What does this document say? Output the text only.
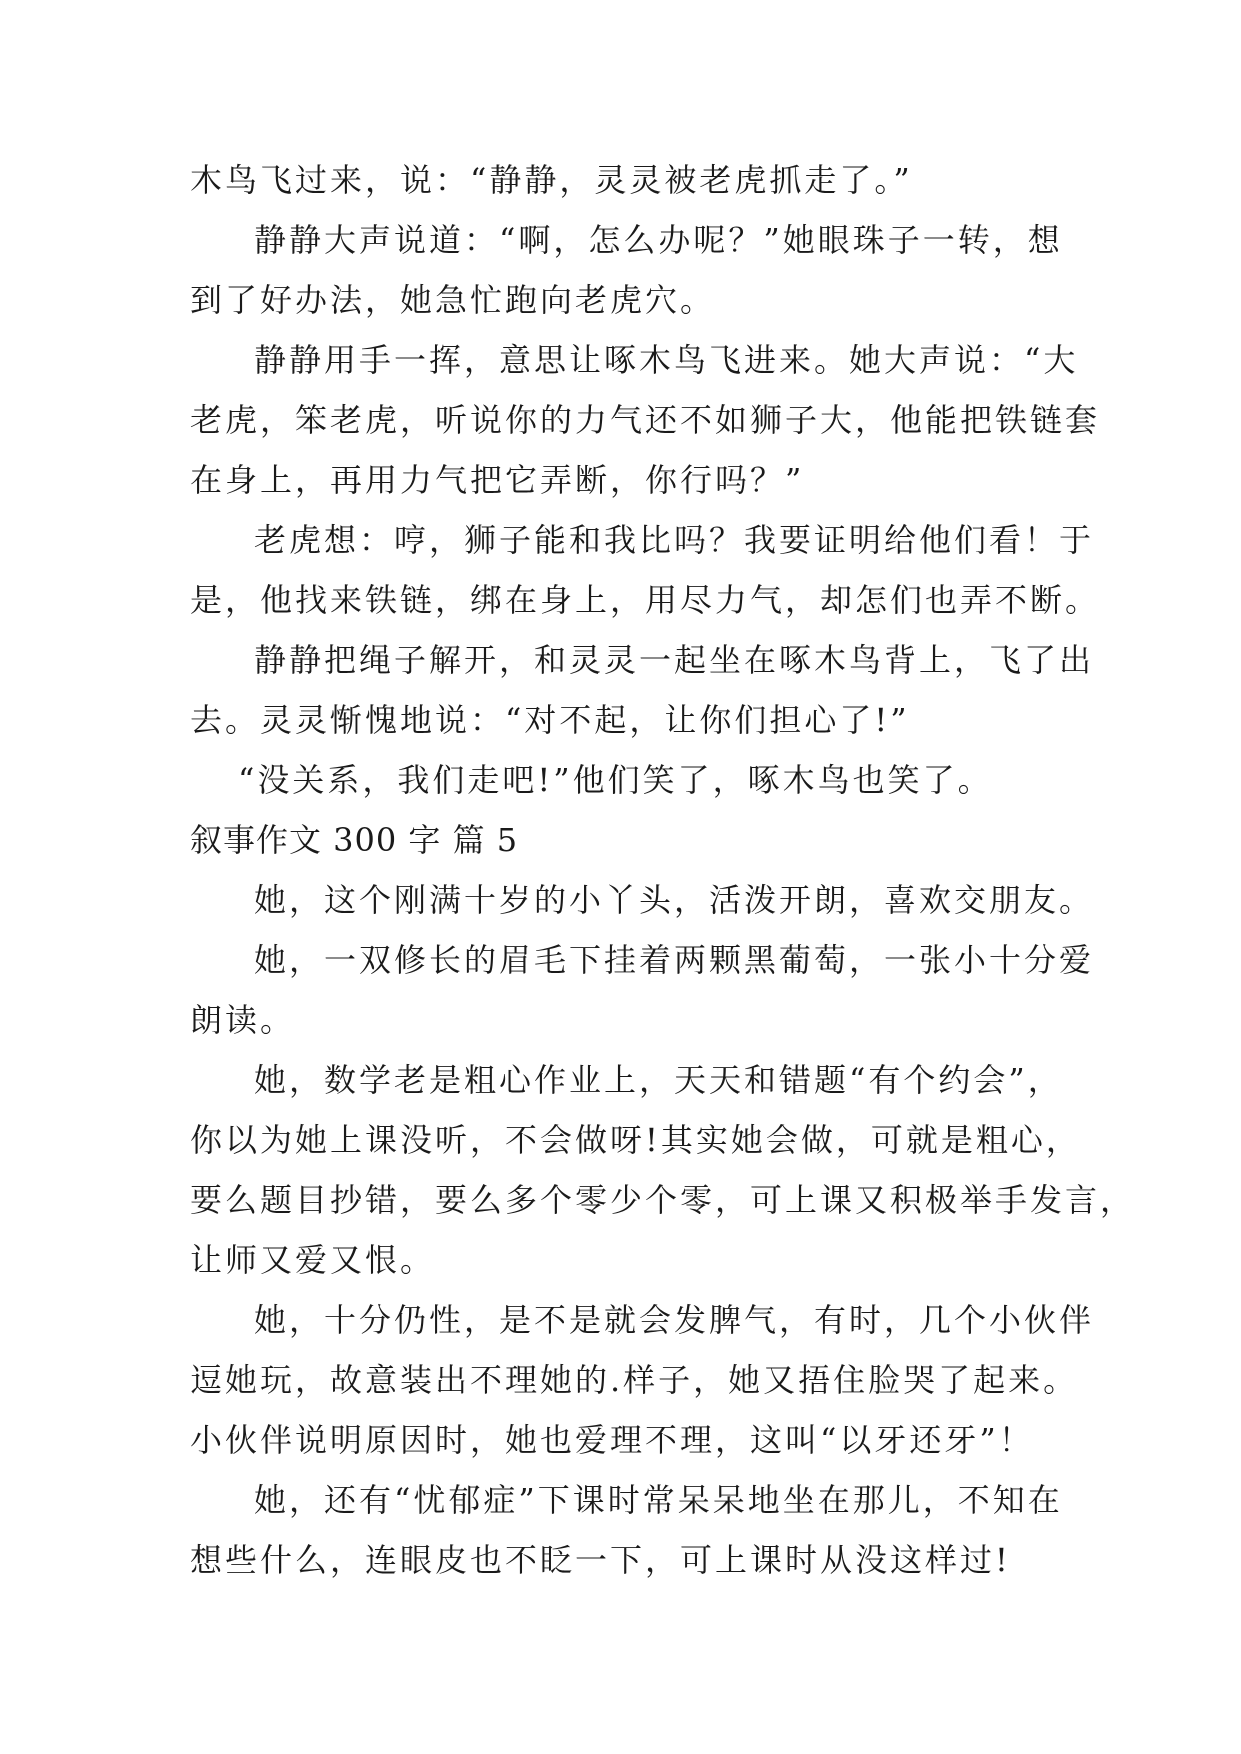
木鸟飞过来，说：“静静，灵灵被老虎抓走了。”

静静大声说道：“啊，怎么办呢？”她眼珠子一转，想

到了好办法，她急忙跑向老虎穴。

静静用手一挥，意思让啄木鸟飞进来。她大声说：“大

老虎，笨老虎，听说你的力气还不如狮子大，他能把铁链套

在身上，再用力气把它弄断，你行吗？”

老虎想：哼，狮子能和我比吗？我要证明给他们看！于

是，他找来铁链，绑在身上，用尽力气，却怎们也弄不断。

静静把绳子解开，和灵灵一起坐在啄木鸟背上，飞了出

去。灵灵惭愧地说：“对不起，让你们担心了!”

“没关系，我们走吧!”他们笑了，啄木鸟也笑了。

叙事作文 300 字 篇 5

她，这个刚满十岁的小丫头，活泼开朗，喜欢交朋友。

她，一双修长的眉毛下挂着两颗黑葡萄，一张小十分爱

朗读。

她，数学老是粗心作业上，天天和错题“有个约会”，

你以为她上课没听，不会做呀!其实她会做，可就是粗心，

要么题目抄错，要么多个零少个零，可上课又积极举手发言，

让师又爱又恨。

她，十分仍性，是不是就会发脾气，有时，几个小伙伴

逗她玩，故意装出不理她的.样子，她又捂住脸哭了起来。

小伙伴说明原因时，她也爱理不理，这叫“以牙还牙”！

她，还有“忧郁症”下课时常呆呆地坐在那儿，不知在

想些什么，连眼皮也不眨一下，可上课时从没这样过!
